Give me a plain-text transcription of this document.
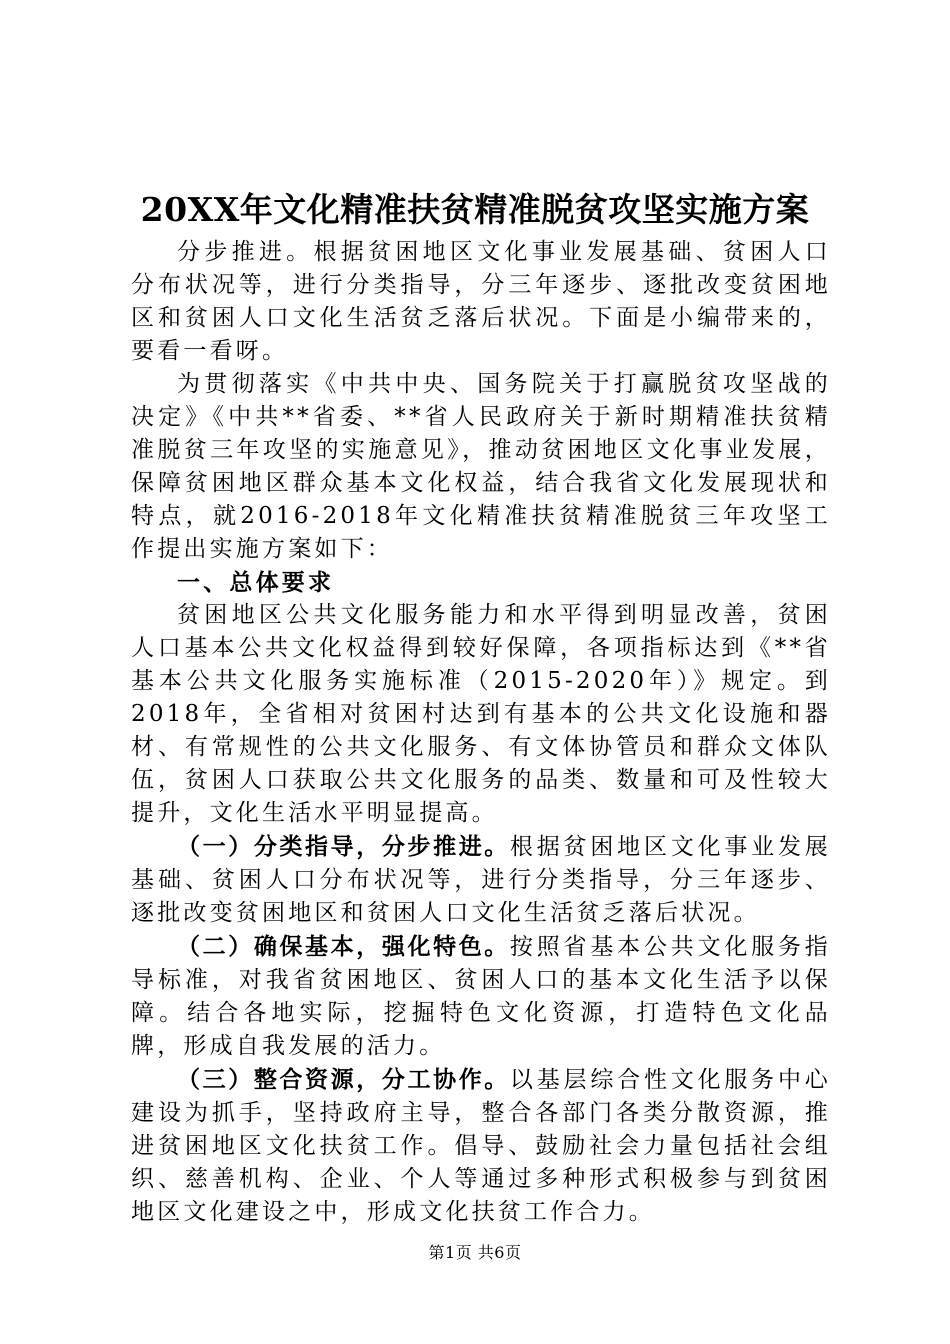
20XX年文化精准扶贫精准脱贫攻坚实施方案

分步推进。根据贫困地区文化事业发展基础、贫困人口分布状况等，进行分类指导，分三年逐步、逐批改变贫困地区和贫困人口文化生活贫乏落后状况。下面是小编带来的，要看一看呀。

为贯彻落实《中共中央、国务院关于打赢脱贫攻坚战的决定》《中共**省委、**省人民政府关于新时期精准扶贫精准脱贫三年攻坚的实施意见》，推动贫困地区文化事业发展，保障贫困地区群众基本文化权益，结合我省文化发展现状和特点，就2016-2018年文化精准扶贫精准脱贫三年攻坚工作提出实施方案如下：

一、总体要求

贫困地区公共文化服务能力和水平得到明显改善，贫困人口基本公共文化权益得到较好保障，各项指标达到《**省基本公共文化服务实施标准（2015-2020年）》规定。到2018年，全省相对贫困村达到有基本的公共文化设施和器材、有常规性的公共文化服务、有文体协管员和群众文体队伍，贫困人口获取公共文化服务的品类、数量和可及性较大提升，文化生活水平明显提高。

（一）分类指导，分步推进。根据贫困地区文化事业发展基础、贫困人口分布状况等，进行分类指导，分三年逐步、逐批改变贫困地区和贫困人口文化生活贫乏落后状况。

（二）确保基本，强化特色。按照省基本公共文化服务指导标准，对我省贫困地区、贫困人口的基本文化生活予以保障。结合各地实际，挖掘特色文化资源，打造特色文化品牌，形成自我发展的活力。

（三）整合资源，分工协作。以基层综合性文化服务中心建设为抓手，坚持政府主导，整合各部门各类分散资源，推进贫困地区文化扶贫工作。倡导、鼓励社会力量包括社会组织、慈善机构、企业、个人等通过多种形式积极参与到贫困地区文化建设之中，形成文化扶贫工作合力。

第1页 共6页
